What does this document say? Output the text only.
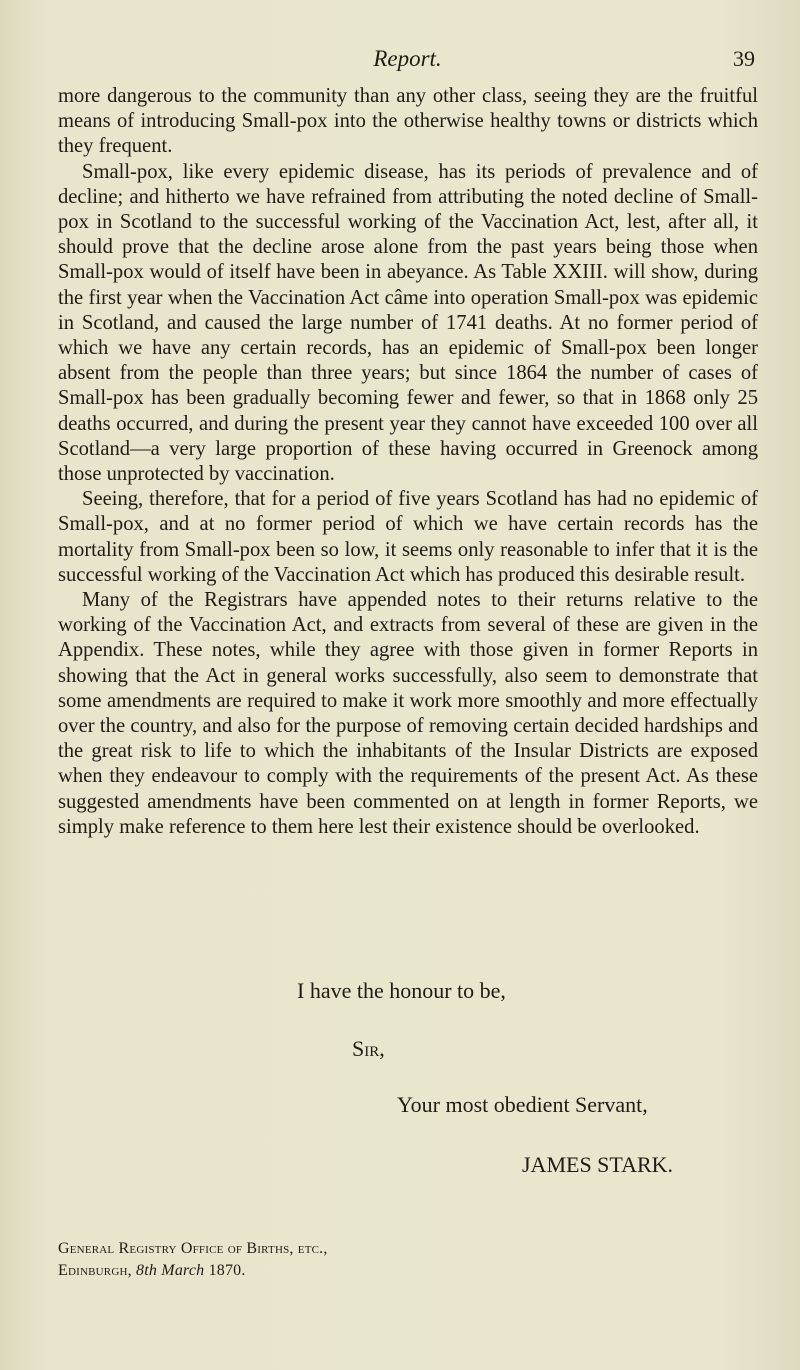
Report.	39

more dangerous to the community than any other class, seeing they are the fruitful means of introducing Small-pox into the otherwise healthy towns or districts which they frequent.

Small-pox, like every epidemic disease, has its periods of prevalence and of decline; and hitherto we have refrained from attributing the noted decline of Small-pox in Scotland to the successful working of the Vaccination Act, lest, after all, it should prove that the decline arose alone from the past years being those when Small-pox would of itself have been in abeyance. As Table XXIII. will show, during the first year when the Vaccination Act câme into operation Small-pox was epidemic in Scotland, and caused the large number of 1741 deaths. At no former period of which we have any certain records, has an epidemic of Small-pox been longer absent from the people than three years; but since 1864 the number of cases of Small-pox has been gradually becoming fewer and fewer, so that in 1868 only 25 deaths occurred, and during the present year they cannot have exceeded 100 over all Scotland—a very large proportion of these having occurred in Greenock among those unprotected by vaccination.

Seeing, therefore, that for a period of five years Scotland has had no epidemic of Small-pox, and at no former period of which we have certain records has the mortality from Small-pox been so low, it seems only reasonable to infer that it is the successful working of the Vaccination Act which has produced this desirable result.

Many of the Registrars have appended notes to their returns relative to the working of the Vaccination Act, and extracts from several of these are given in the Appendix. These notes, while they agree with those given in former Reports in showing that the Act in general works successfully, also seem to demonstrate that some amendments are required to make it work more smoothly and more effectually over the country, and also for the purpose of removing certain decided hardships and the great risk to life to which the inhabitants of the Insular Districts are exposed when they endeavour to comply with the requirements of the present Act. As these suggested amendments have been commented on at length in former Reports, we simply make reference to them here lest their existence should be overlooked.

I have the honour to be,
Sir,
Your most obedient Servant,
JAMES STARK.
General Registry Office of Births, etc.,
Edinburgh, 8th March 1870.
